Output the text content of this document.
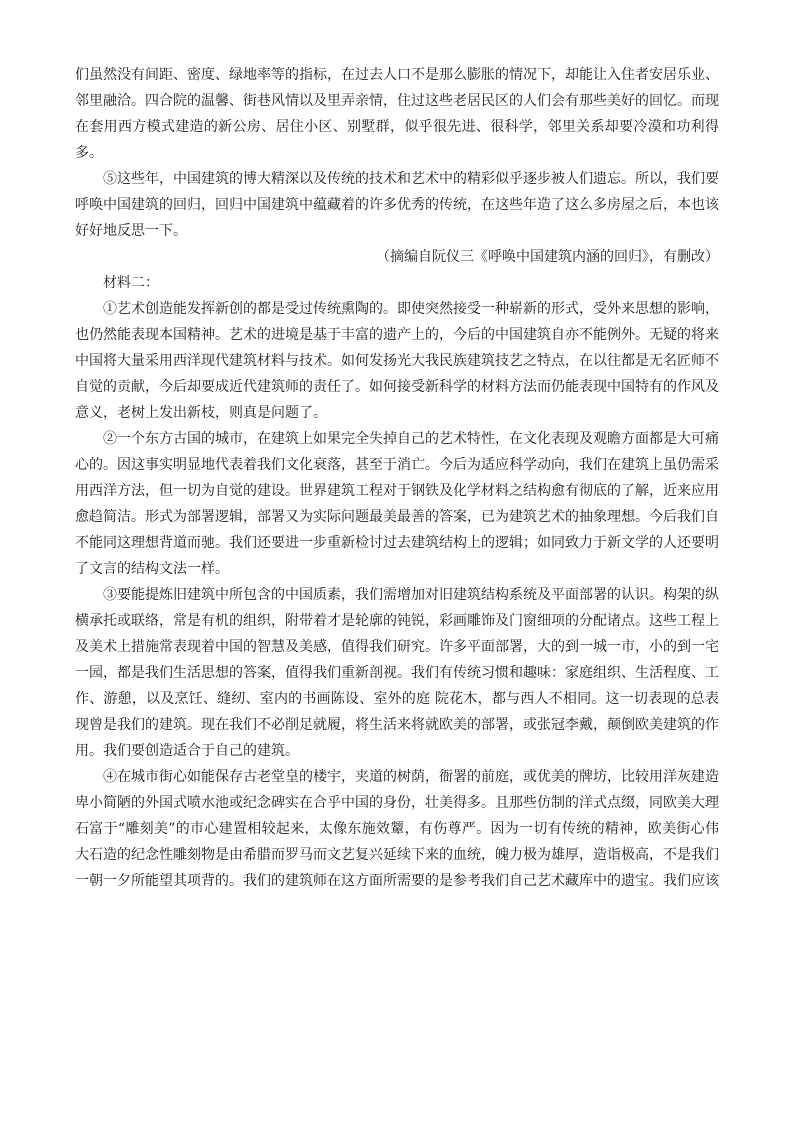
们虽然没有间距、密度、绿地率等的指标，在过去人口不是那么膨胀的情况下，却能让入住者安居乐业、邻里融洽。四合院的温馨、街巷风情以及里弄亲情，住过这些老居民区的人们会有那些美好的回忆。而现在套用西方模式建造的新公房、居住小区、别墅群，似乎很先进、很科学，邻里关系却要冷漠和功利得多。

⑤这些年，中国建筑的博大精深以及传统的技术和艺术中的精彩似乎逐步被人们遗忘。所以，我们要呼唤中国建筑的回归，回归中国建筑中蕴藏着的许多优秀的传统，在这些年造了这么多房屋之后，本也该好好地反思一下。

（摘编自阮仪三《呼唤中国建筑内涵的回归》，有删改）

材料二：

①艺术创造能发挥新创的都是受过传统熏陶的。即使突然接受一种崭新的形式，受外来思想的影响，也仍然能表现本国精神。艺术的进境是基于丰富的遗产上的，今后的中国建筑自亦不能例外。无疑的将来中国将大量采用西洋现代建筑材料与技术。如何发扬光大我民族建筑技艺之特点，在以往都是无名匠师不自觉的贡献，今后却要成近代建筑师的责任了。如何接受新科学的材料方法而仍能表现中国特有的作风及意义，老树上发出新枝，则真是问题了。

②一个东方古国的城市，在建筑上如果完全失掉自己的艺术特性，在文化表现及观瞻方面都是大可痛心的。因这事实明显地代表着我们文化衰落，甚至于消亡。今后为适应科学动向，我们在建筑上虽仍需采用西洋方法，但一切为自觉的建设。世界建筑工程对于钢铁及化学材料之结构愈有彻底的了解，近来应用愈趋简洁。形式为部署逻辑，部署又为实际问题最美最善的答案，已为建筑艺术的抽象理想。今后我们自不能同这理想背道而驰。我们还要进一步重新检讨过去建筑结构上的逻辑；如同致力于新文学的人还要明了文言的结构文法一样。

③要能提炼旧建筑中所包含的中国质素，我们需增加对旧建筑结构系统及平面部署的认识。构架的纵横承托或联络，常是有机的组织，附带着才是轮廓的钝锐，彩画雕饰及门窗细项的分配诸点。这些工程上及美术上措施常表现着中国的智慧及美感，值得我们研究。许多平面部署，大的到一城一市，小的到一宅一园，都是我们生活思想的答案，值得我们重新剖视。我们有传统习惯和趣味：家庭组织、生活程度、工作、游憩，以及烹饪、缝纫、室内的书画陈设、室外的庭 院花木，都与西人不相同。这一切表现的总表现曾是我们的建筑。现在我们不必削足就履，将生活来将就欧美的部署，或张冠李戴，颠倒欧美建筑的作用。我们要创造适合于自己的建筑。

④在城市街心如能保存古老堂皇的楼宇，夹道的树荫，衙署的前庭，或优美的牌坊，比较用洋灰建造卑小简陋的外国式喷水池或纪念碑实在合乎中国的身份，壮美得多。且那些仿制的洋式点缀，同欧美大理石富于“雕刻美”的市心建置相较起来，太像东施效颦，有伤尊严。因为一切有传统的精神，欧美街心伟大石造的纪念性雕刻物是由希腊而罗马而文艺复兴延续下来的血统，魄力极为雄厚，造诣极高，不是我们一朝一夕所能望其项背的。我们的建筑师在这方面所需要的是参考我们自己艺术藏库中的遗宝。我们应该
